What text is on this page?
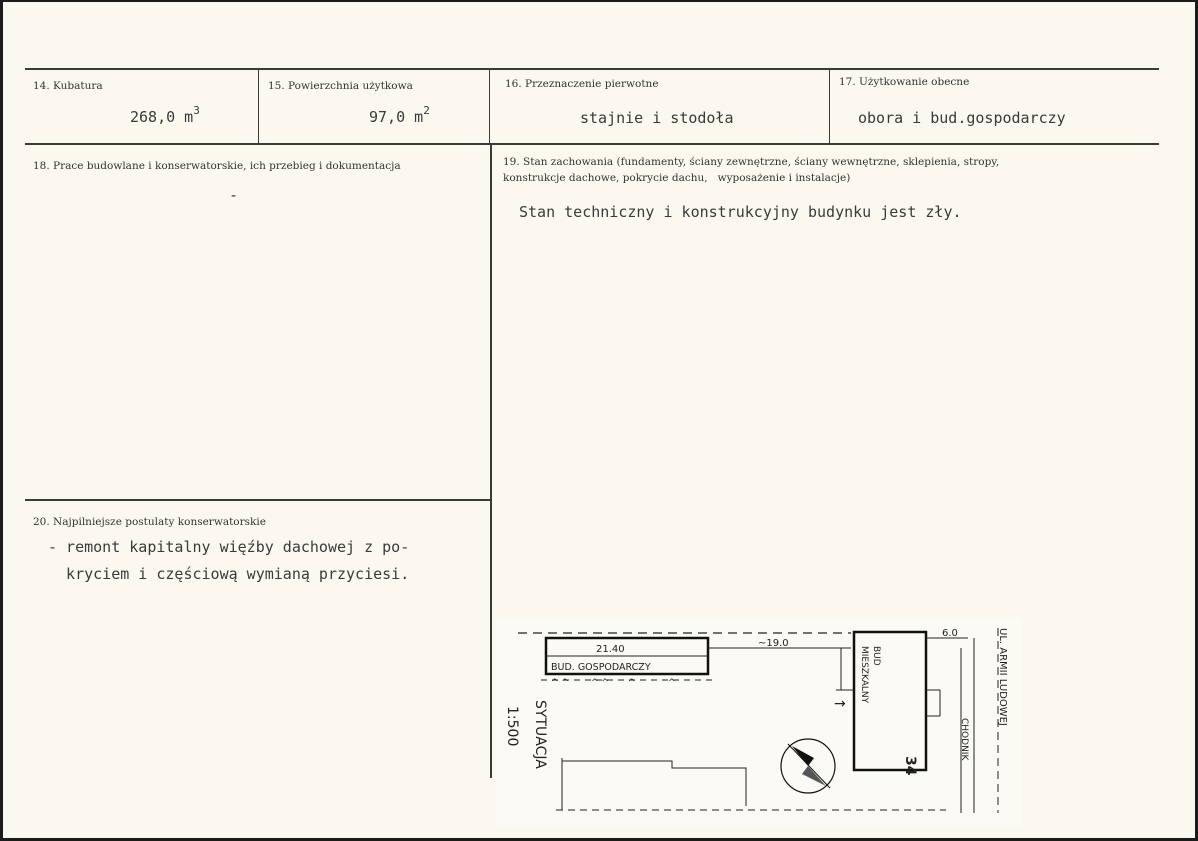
14. Kubatura
268,0 $m^3$
15. Powierzchnia użytkowa
97,0 $m^2$
16. Przeznaczenie pierwotne
stajnie i stodoła
17. Użytkowanie obecne
obora i bud.gospodarczy
18. Prace budowlane i konserwatorskie, ich przebieg i dokumentacja
-
19. Stan zachowania (fundamenty, ściany zewnętrzne, ściany wewnętrzne, sklepienia, stropy,
konstrukcje dachowe, pokrycie dachu,   wyposażenie i instalacje)
Stan techniczny i konstrukcyjny budynku jest zły.
20. Najpilniejsze postulaty konserwatorskie
- remont kapitalny więźby dachowej z po-
kryciem i częściową wymianą przyciesi.
21.40
~19.0
BUD. GOSPODARCZY
^ ^ ^ ^ ^	^
BUD
MIESZKALNY
34
→
6.0
CHODNIK
UL. ARMII LUDOWEJ
SYTUACJA
1:500
